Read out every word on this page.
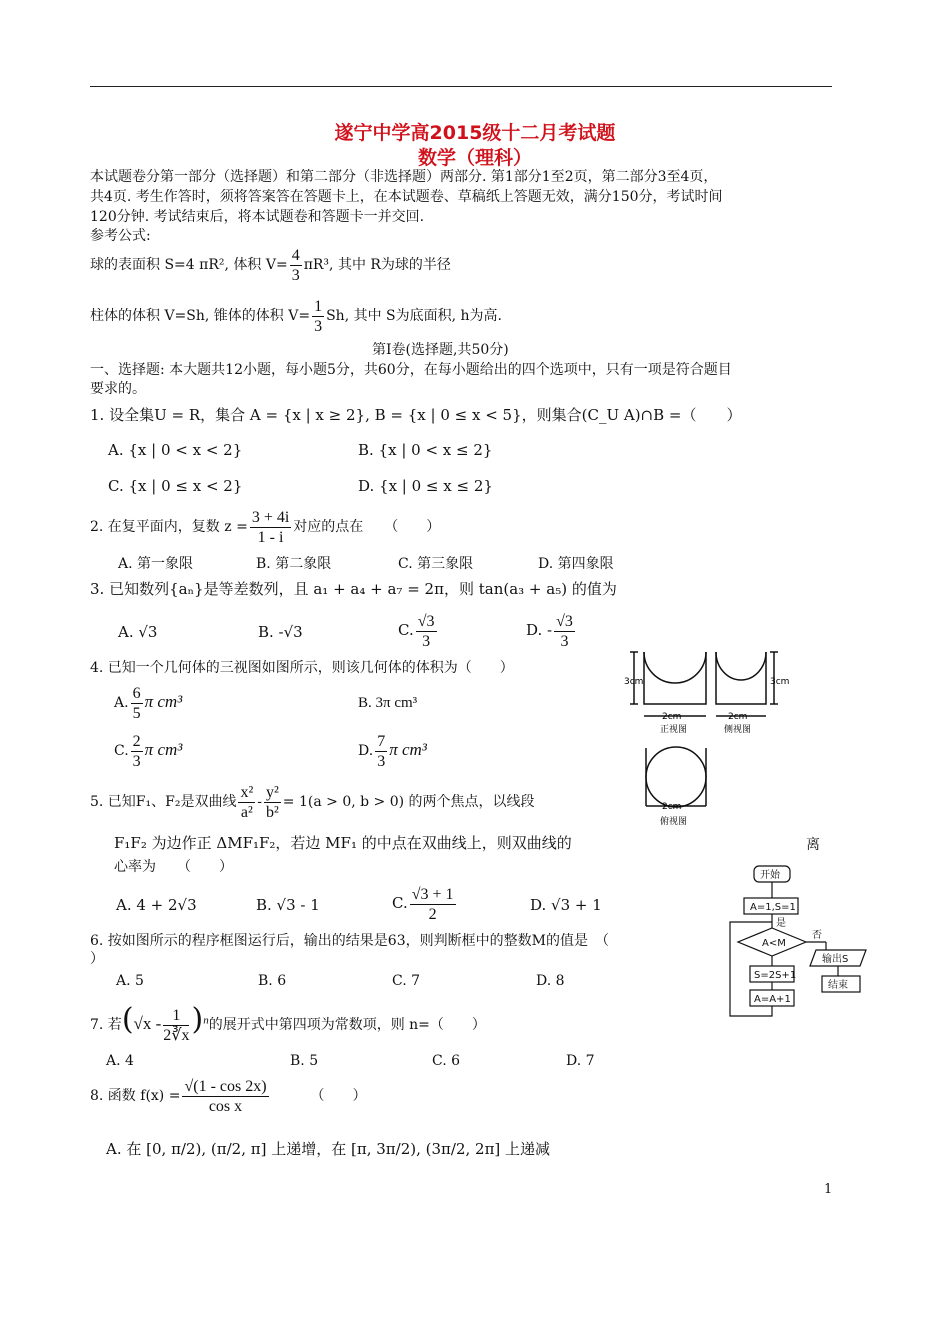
遂宁中学高2015级十二月考试题
数学（理科）
本试题卷分第一部分（选择题）和第二部分（非选择题）两部分. 第1部分1至2页，第二部分3至4页，
共4页. 考生作答时，须将答案答在答题卡上，在本试题卷、草稿纸上答题无效，满分150分，考试时间
120分钟. 考试结束后，将本试题卷和答题卡一并交回.
参考公式:
球的表面积 S=4 πR², 体积 $V= \frac{4}{3} \pi R^3$, 其中 R为球的半径
柱体的体积 V=Sh, 锥体的体积 $V= \frac{1}{3} Sh$, 其中 S为底面积, h为高.
第Ⅰ卷(选择题,共50分)
一、选择题: 本大题共12小题，每小题5分，共60分，在每小题给出的四个选项中，只有一项是符合题目
要求的。
1. 设全集U = R，集合 A = {x | x ≥ 2}, B = {x | 0 ≤ x < 5}，则集合(C_U A)∩B =（　　）
A. {x | 0 < x < 2}	B. {x | 0 < x ≤ 2}
C. {x | 0 ≤ x < 2}	D. {x | 0 ≤ x ≤ 2}
2. 在复平面内，复数 $z = \frac{3 + 4i}{1 - i}$ 对应的点在　　（　　）
A. 第一象限	B. 第二象限	C. 第三象限	D. 第四象限
3. 已知数列{aₙ}是等差数列，且 a₁ + a₄ + a₇ = 2π，则 tan(a₃ + a₅) 的值为
A. √3	B. -√3	C. $\frac{√3}{3}$	D. - $\frac{√3}{3}$
4. 已知一个几何体的三视图如图所示，则该几何体的体积为（　　）
A. $\frac{6}{5}$ π cm³	B. 3π cm³
C. $\frac{2}{3}$ π cm³	D. $\frac{7}{3}$ π cm³
3cm
2cm
正视图
3cm
2cm
侧视图
2cm
俯视图
5. 已知F₁、F₂是双曲线 $\frac{\text{x²}}{\text{a²}} - \frac{\text{y²}}{\text{b²}} = 1(a > 0$, b > 0) 的两个焦点，以线段
F₁F₂ 为边作正 ΔMF₁F₂，若边 MF₁ 的中点在双曲线上，则双曲线的	离
心率为　　（　　）
A. 4 + 2√3	B. √3 - 1	C. $\frac{√3 + 1}{2}$	D. √3 + 1
开始
A=1,S=1
A<M
是
否
输出S
结束
S=2S+1
A=A+1
6. 按如图所示的程序框图运行后，输出的结果是63，则判断框中的整数M的值是　（
）
A. 5	B. 6	C. 7	D. 8
7. 若$(√x - \frac{1}{2∛x} )^n$的展开式中第四项为常数项，则 n=（　　）
A. 4	B. 5	C. 6	D. 7
8. 函数 $f(x) = \frac{√(1 - \cos 2x)}{\text{cos x}}$	（　　）
A. 在 [0, π/2), (π/2, π] 上递增，在 [π, 3π/2), (3π/2, 2π] 上递减
1
